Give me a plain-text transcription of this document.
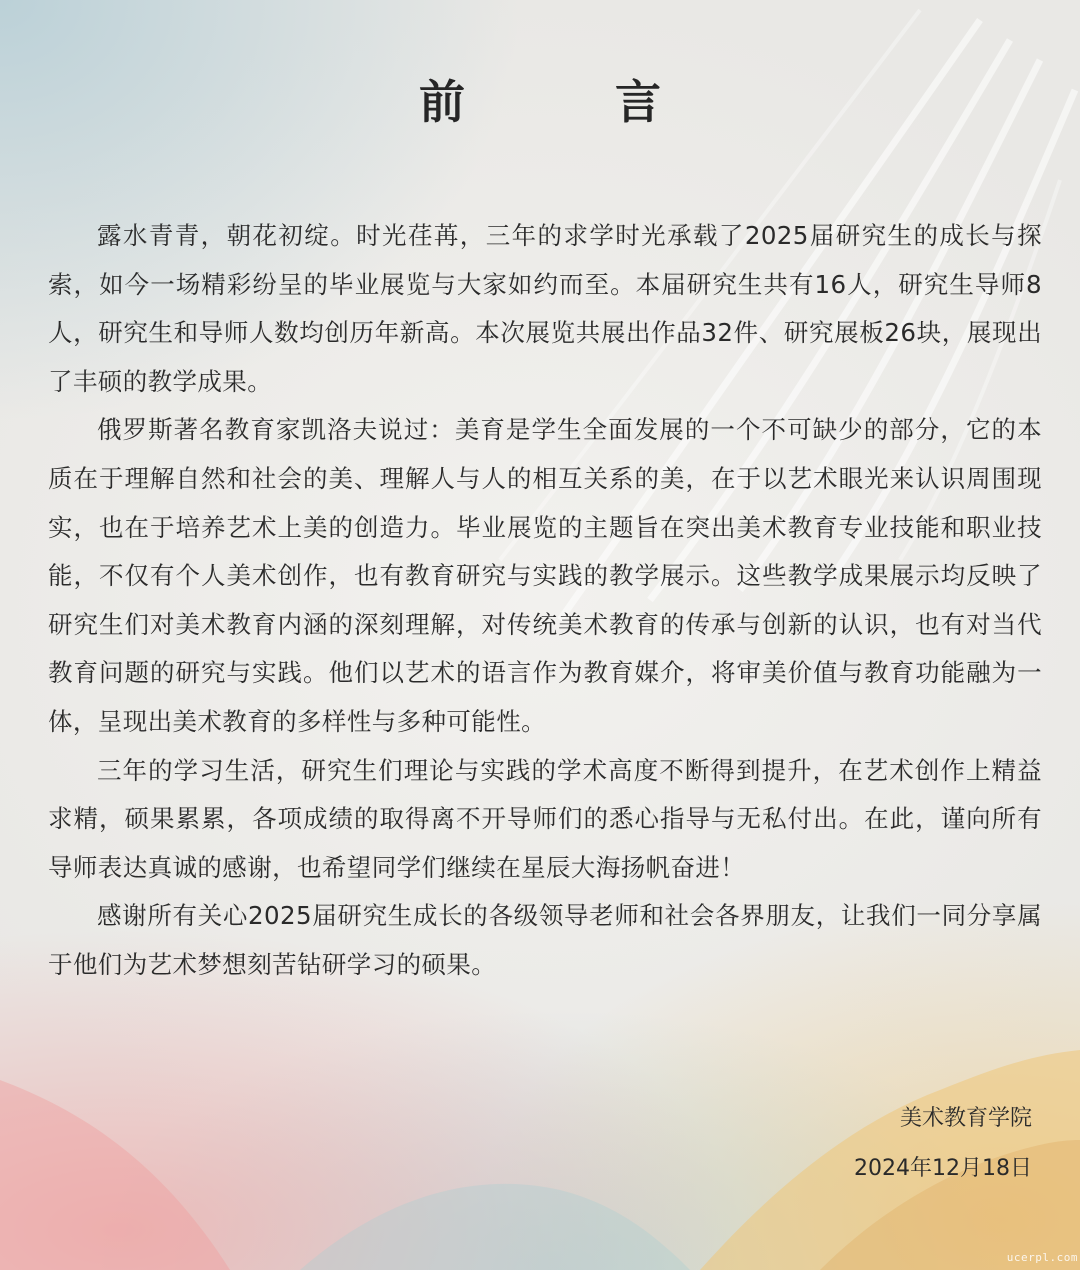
前　言

露水青青，朝花初绽。时光荏苒，三年的求学时光承载了2025届研究生的成长与探索，如今一场精彩纷呈的毕业展览与大家如约而至。本届研究生共有16人，研究生导师8人，研究生和导师人数均创历年新高。本次展览共展出作品32件、研究展板26块，展现出了丰硕的教学成果。

俄罗斯著名教育家凯洛夫说过：美育是学生全面发展的一个不可缺少的部分，它的本质在于理解自然和社会的美、理解人与人的相互关系的美，在于以艺术眼光来认识周围现实，也在于培养艺术上美的创造力。毕业展览的主题旨在突出美术教育专业技能和职业技能，不仅有个人美术创作，也有教育研究与实践的教学展示。这些教学成果展示均反映了研究生们对美术教育内涵的深刻理解，对传统美术教育的传承与创新的认识，也有对当代教育问题的研究与实践。他们以艺术的语言作为教育媒介，将审美价值与教育功能融为一体，呈现出美术教育的多样性与多种可能性。

三年的学习生活，研究生们理论与实践的学术高度不断得到提升，在艺术创作上精益求精，硕果累累，各项成绩的取得离不开导师们的悉心指导与无私付出。在此，谨向所有导师表达真诚的感谢，也希望同学们继续在星辰大海扬帆奋进！

感谢所有关心2025届研究生成长的各级领导老师和社会各界朋友，让我们一同分享属于他们为艺术梦想刻苦钻研学习的硕果。

美术教育学院
2024年12月18日
ucerpl.com
